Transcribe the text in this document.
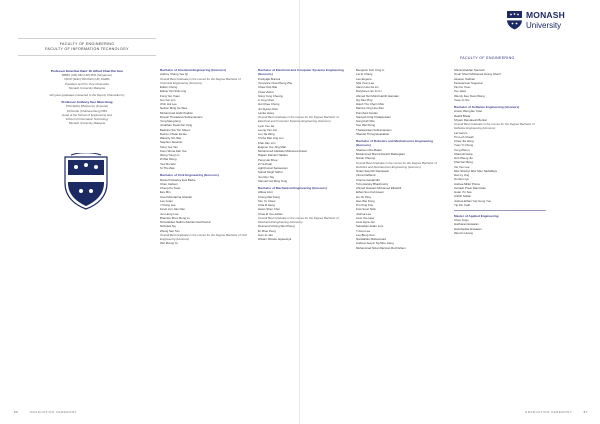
FACULTY OF ENGINEERING
FACULTY OF INFORMATION TECHNOLOGY
Professor Emeritus Dato' Dr Alfred Chan Kin Hon
MBBS (UM) MD (UM) PhD (Singapore)
FRCP (Edin) FRCPath (UK) FAMM
President and Pro Vice-Chancellor
Monash University Malaysia
will greet graduates presented to the Deputy Chancellor by
Professor Anthony Guo Nian Hong
PhD (Edin) BSc(Hons) (Imperial)
FIChemE (Chartered Eng) FBS
Head of the School of Engineering and
School of Information Technology
Monash University Malaysia
56	GRADUATION CEREMONY
MONASH
University
FACULTY OF ENGINEERING
Bachelor of Chemical Engineering (Honours)
Audrey Chang Yee Qi
Overall Best Graduate in the course for the Degree Bachelor of Chemical Engineering (Honours)
Edwin Chong
Elaine Tan Siok Ling
Fong Yen Xuan
Goi Jun Lim
Chin Hui Lee
Nelson Ming Jie Wee
Muhammad Hafiz Ibrahim
Dinesh Tharadeva Subramaniam
Yong Meng Eng
Jonathan Kwek Kai Yang
Beatrice Sia Tze Shuen
Darren Chuan Ee Ee
Waverly Sin Wei
Stephen Susanto
Song Yee Tan
Koon Wona Kah Yee
Wong Yong Lin
Zi Wei Wong
Yew Ru Wei
Si Thu Zaw
Bachelor of Civil Engineering (Honours)
Rania Kimberley Eva Barbe
Chan Carlson
Cheng Ke Xuan
Eve Min
Amel Mumtahna Ghazali
Lee Guan
Yi Kang Lee
Kevin Lim Jian Nan
Jun Hong Low
Brandon Zhen Rong Lu
Nirmaladevi Nathiru Muhammad Kamar
Nicholas Ng
Zheng Sen Tan
Overall Best Graduate in the course for the Degree Bachelor of Civil Engineering (Honours)
Wei Zheng Ye
Bachelor of Electrical and Computer Systems Engineering (Honours)
Puvilyajlu Buresa
Yonvance Chai Zheng Zhe
Chew Kah Wai
Chew Zehui
Sung Yong Cheong
Li Ling Chen
Hui Chee Chong
Jin Siyuan Khor
Lai Ee Hwey
Overall Best Graduate in the course for the Degree Bachelor of Electrical and Computer Systems Engineering (Honours)
Lynn Yeu Jie
Leong Yan Jun
Lim Jia Wing
Trisha Ran Jing Lim
Khai Jian Lim
Eugene Yee Jing Mah
Mohammed Abubakr Mohamed Anwer
Rajeev Damien Naidoo
Peng Hai Khee
Zi Ya Puah
Agill Kumar Saravanan
Sohail Singh Sidhu
Jun Ren Tay
Samuel Hui Ming Teng
Bachelor of Mechanical Engineering (Honours)
Abbas Amir
Cheng Wei Kang
Szu Yu Chew
Chia Zi Heng
Hwan Shen Choi
Chua Zi Yee Adrian
Overall Best Graduate in the course for the Degree Bachelor of Mechanical Engineering (Honours)
Desmond Chong Wei Kheng
Er Zhao Peng
Gan Jo Jan
Wisam Shinda Jayasuriya
Benjamin Koh Yong Li
Lai Zi Chang
Lee Eugene
Sha Yuan Lee
Aaron Hou Fa Lin
Darylone Lum Jin Li
Ahmed Ibni Mohd Harith Hamdan
Ng Jian Ping
Hsieh Tze Chern Mok
Marcus Ong Hou Rier
Punnhani Kevlas
Santosh Kiraj'I Kalaiselvam
Song Kah Wai
Soo Wei Kiong
Thaiswaraan Subramaniam
Shardel Thirugnanasaban
Bachelor of Robotics and Mechatronics Engineering (Honours)
Shaheen Abu Bakar
Mohammed Burnia Danish Badarglani
Nicole Cheong
Overall Best Graduate in the course for the Degree Bachelor of Robotics and Mechatronics Engineering (Honours)
Nolan Sasynth Damsapar
Vincent Effendi
Cherrie Ganabrdhi
Tuhu Harsky Bhachmohy
Ahmed Hussain Mohamed Elbashif
Ethan Soo Kah Heem
Ho Jin Ping
Hao Wei Kong
Pru Xing Koe
Kow Soon Nick
Joshua Lee
Liew Yee How
Liew Hyna Jen
Sebastian Aidan Lum
Yi Hou Lee
Lee Beng Guo
Nandahiko Muhammad
Andrew Jeeyin Ng Moo Liang
Muhammad Nizar Razman Rozhisham
Shivanshekhar Santosh
Omar Sherif Mohamed Hosny Sherif
Asween Sudhan
Kesavarman Sugumar
Tan Ke Yuan
Teo Jawn
Wendy Kee Xuan Wong
Yeap Jo Sin
Bachelor of Software Engineering (Honours)
Anson Weng Ee Yuan
Rashil Bhola
Shyam Ramakesh Borkar
Overall Best Graduate in the course for the Degree Bachelor of Software Engineering (Honours)
Lai Genon
Tim Leh Cheah
Chew Jia Hong
Yuan Yi Chong
Yong Zhenn
Shaurull Guha
Hoh Zheng Jie
Khai Kai Meng
Xin Yee Lee
Mior Shazryi Mior Mior Saifulldiya
Han Ly Jing
Ooi Ern Lyn
Andrea Miller Prince
Avinash Preet Rammitan
Guan Yin Soo
Anfish Sultan
Joshua Ethan Yap Gong Yue
Yip Kin Yeah
Master of Applied Engineering
Chen Jingo
Hariharan Eswaran
Harishankar Eswaran
Wenxin Huang
GRADUATION CEREMONY	57
